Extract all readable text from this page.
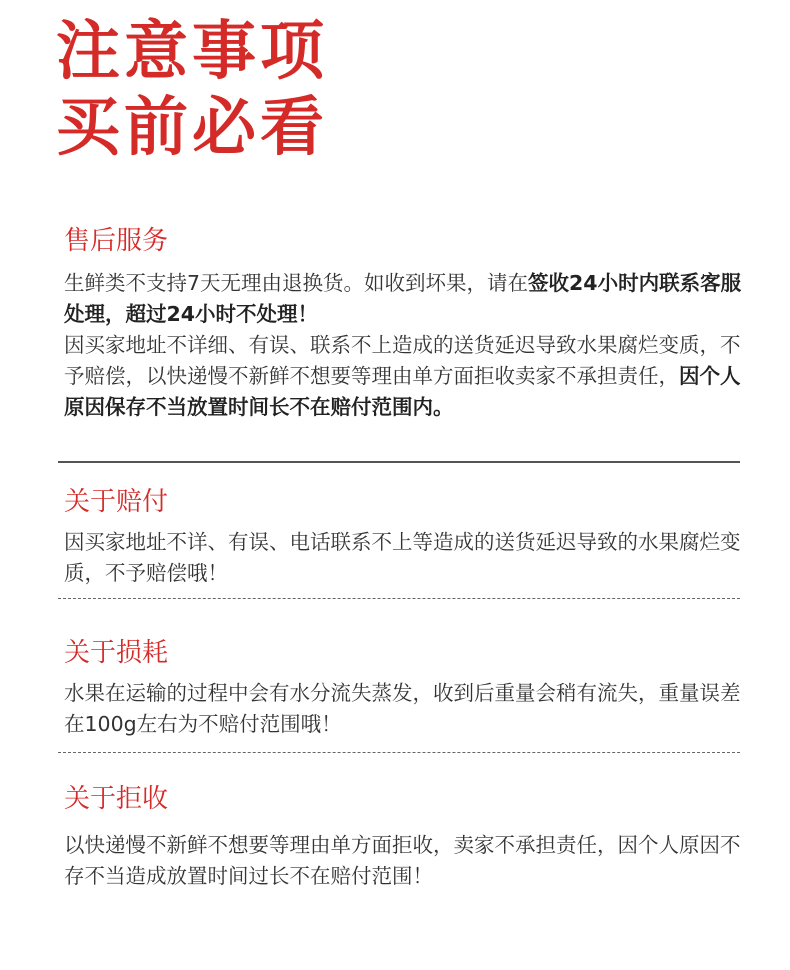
注意事项
买前必看
售后服务

生鲜类不支持7天无理由退换货。如收到坏果，请在签收24小时内联系客服处理，超过24小时不处理！
因买家地址不详细、有误、联系不上造成的送货延迟导致水果腐烂变质，不予赔偿，以快递慢不新鲜不想要等理由单方面拒收卖家不承担责任，因个人原因保存不当放置时间长不在赔付范围内。

关于赔付

因买家地址不详、有误、电话联系不上等造成的送货延迟导致的水果腐烂变质，不予赔偿哦！

关于损耗

水果在运输的过程中会有水分流失蒸发，收到后重量会稍有流失，重量误差在100g左右为不赔付范围哦！

关于拒收

以快递慢不新鲜不想要等理由单方面拒收，卖家不承担责任，因个人原因不存不当造成放置时间过长不在赔付范围！
